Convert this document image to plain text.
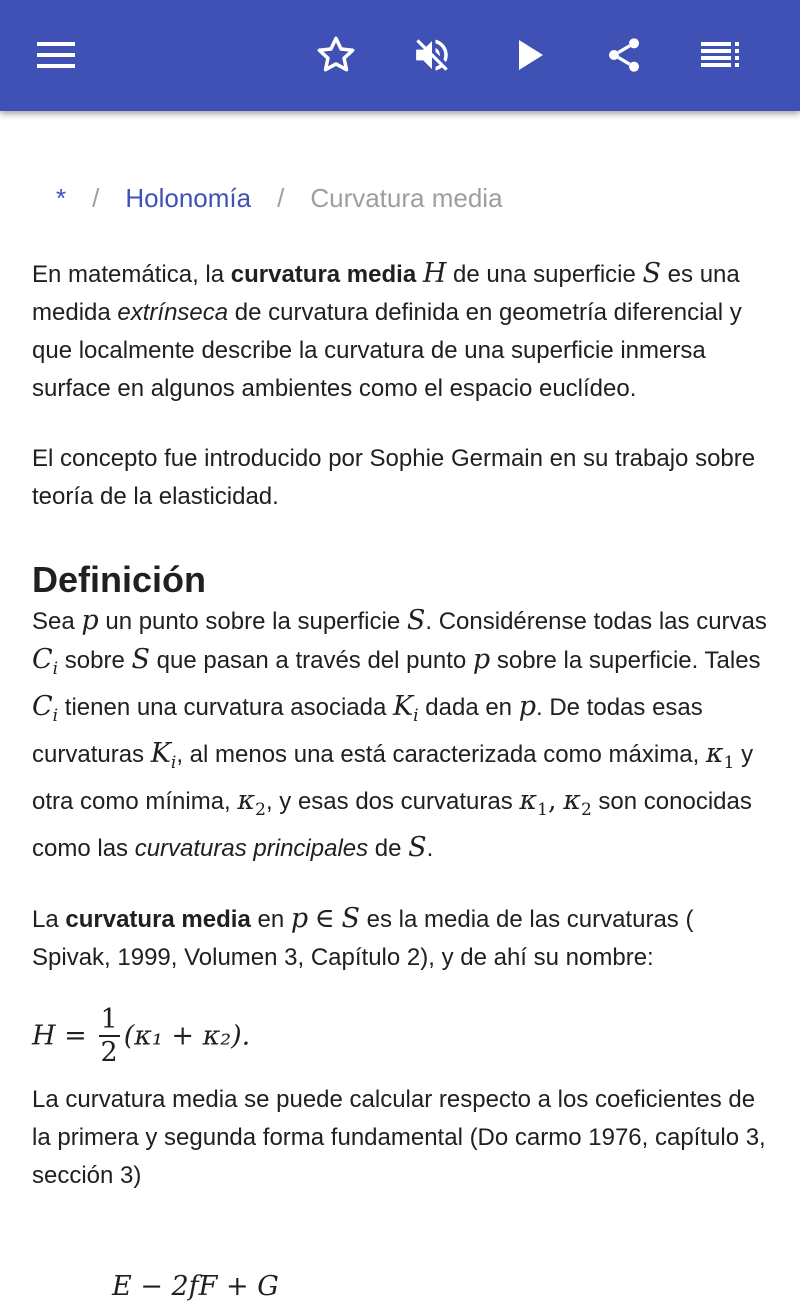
* / Holonomía / Curvatura media

En matemática, la curvatura media H de una superficie S es una medida extrínseca de curvatura definida en geometría diferencial y que localmente describe la curvatura de una superficie inmersa surface en algunos ambientes como el espacio euclídeo.

El concepto fue introducido por Sophie Germain en su trabajo sobre teoría de la elasticidad.

Definición

Sea p un punto sobre la superficie S. Considérense todas las curvas $C_i$ sobre S que pasan a través del punto p sobre la superficie. Tales $C_i$ tienen una curvatura asociada $K_i$ dada en p. De todas esas curvaturas $K_i$, al menos una está caracterizada como máxima, $\kappa_1$ y otra como mínima, $\kappa_2$, y esas dos curvaturas $\kappa_1$, $\kappa_2$ son conocidas como las curvaturas principales de S.

La curvatura media en p ∈ S es la media de las curvaturas ( Spivak, 1999, Volumen 3, Capítulo 2), y de ahí su nombre:

$H = \frac{1}{2} (\kappa_1 + \kappa_2)$.

La curvatura media se puede calcular respecto a los coeficientes de la primera y segunda forma fundamental (Do carmo 1976, capítulo 3, sección 3)

E − 2fF + G
